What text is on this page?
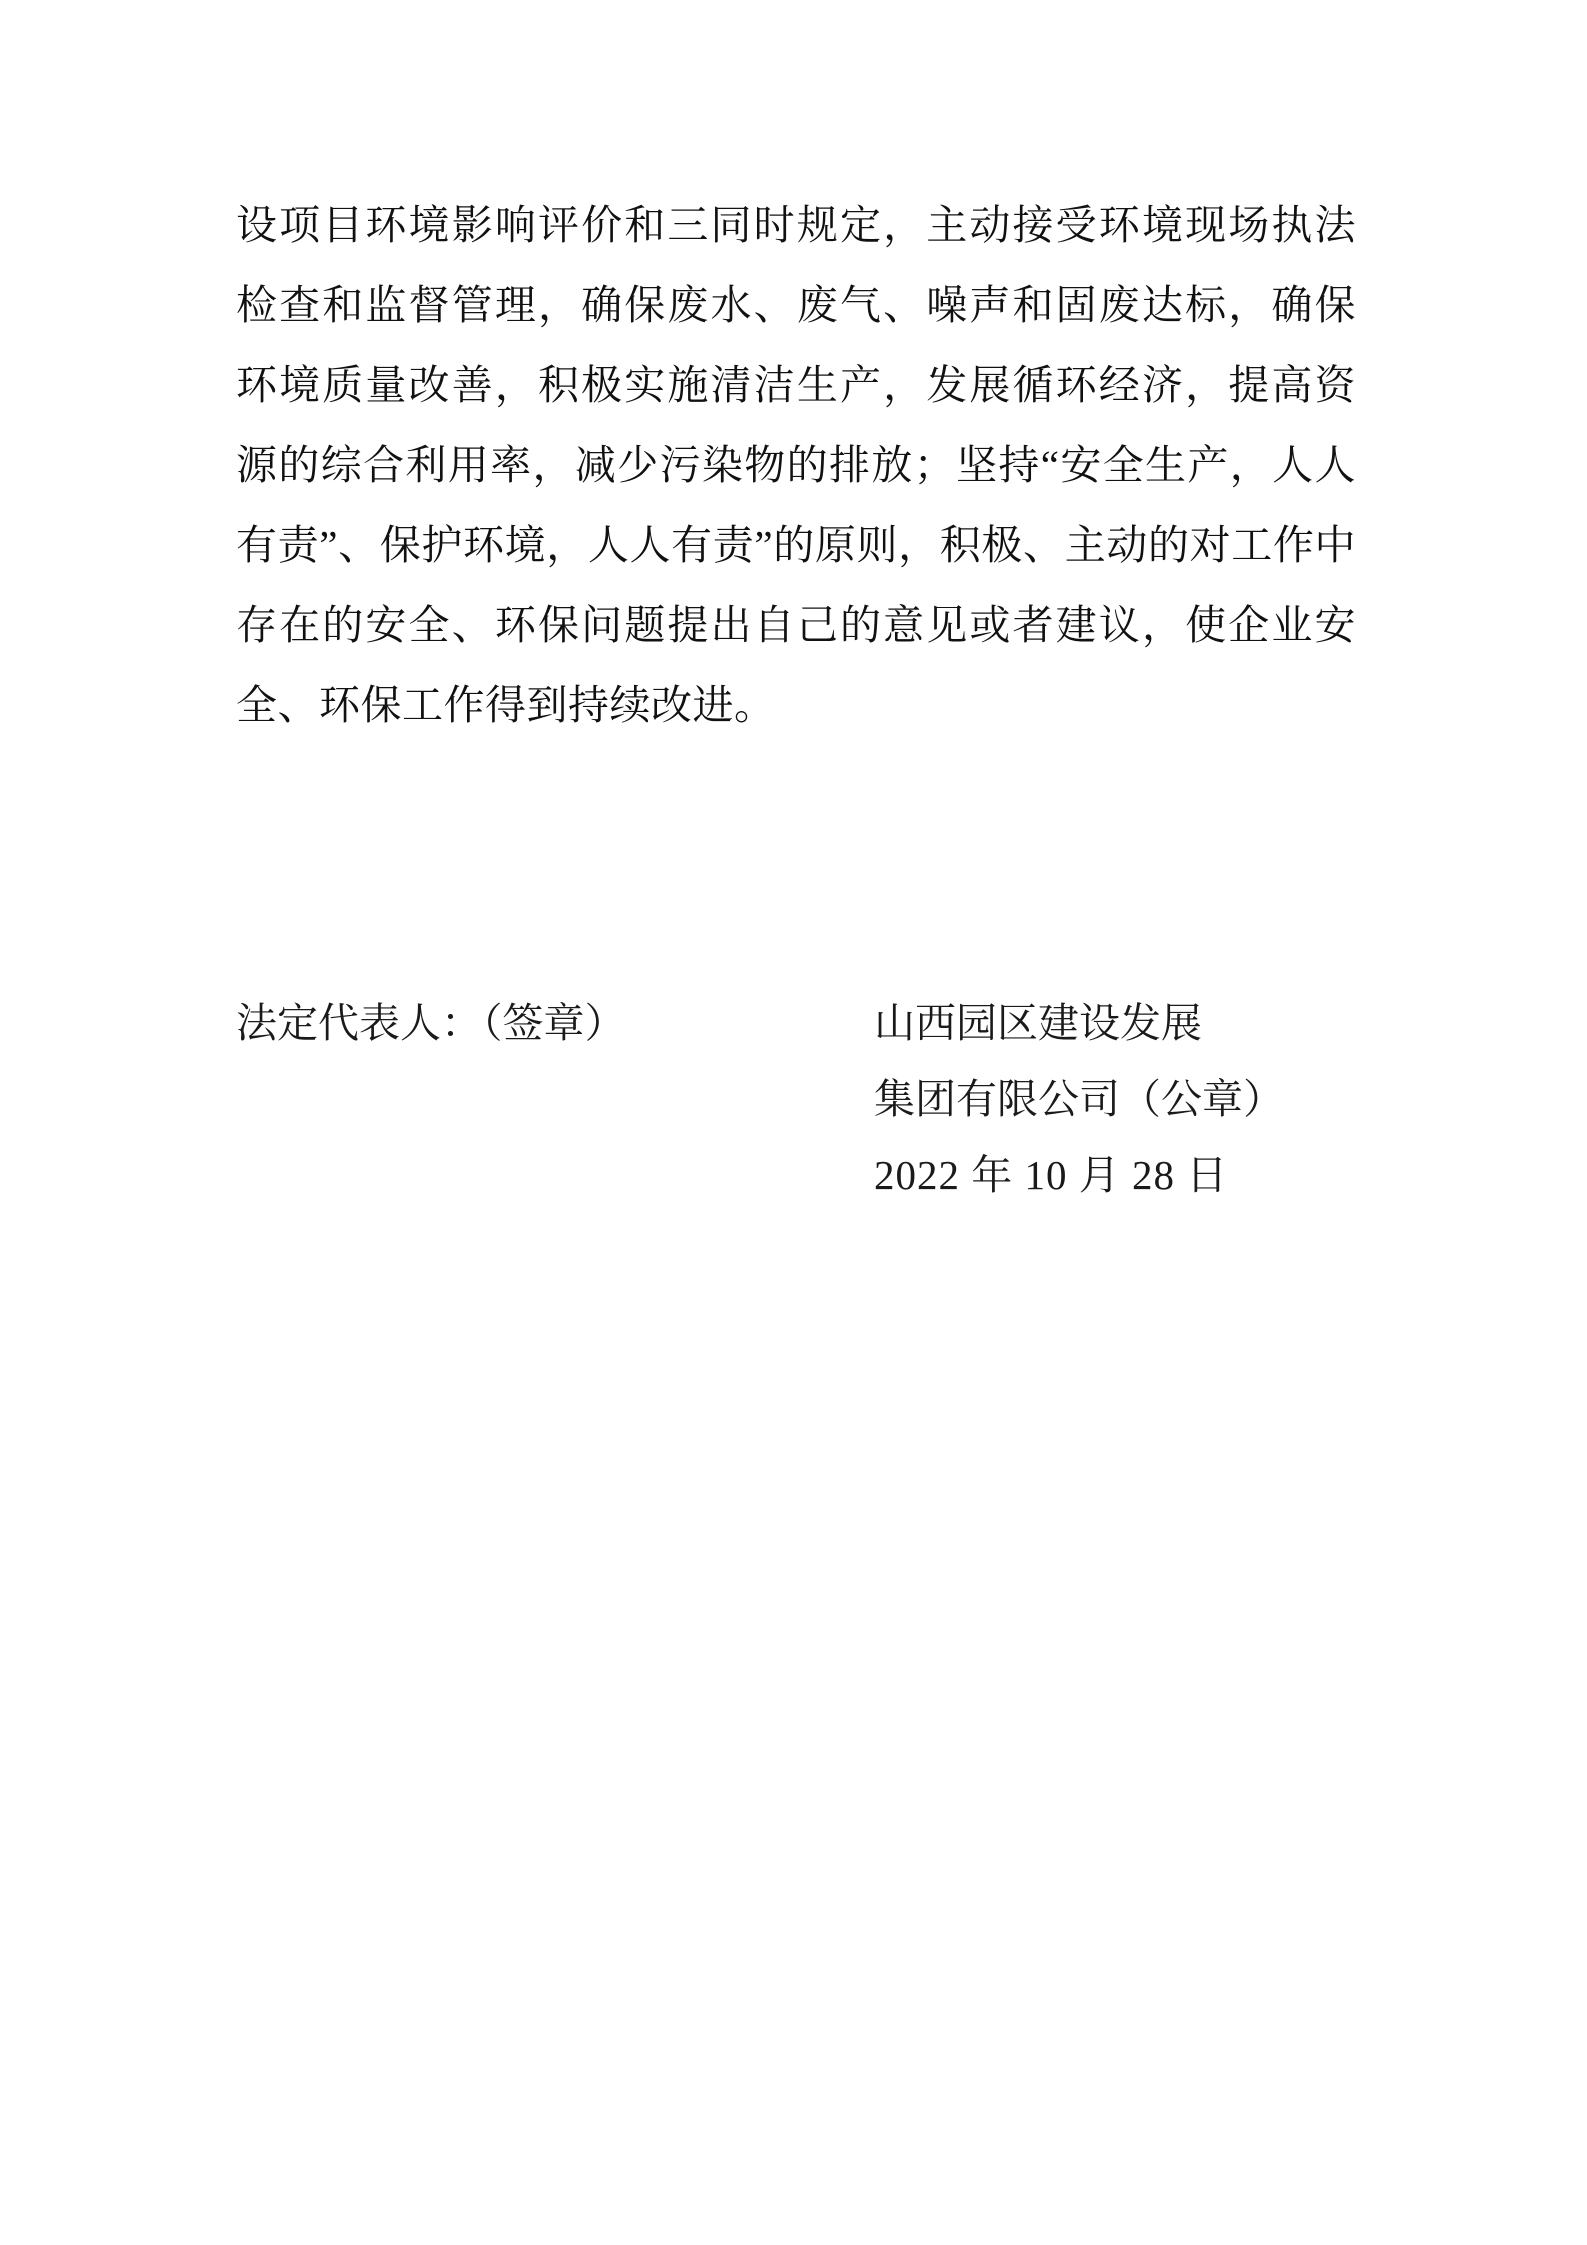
设项目环境影响评价和三同时规定，主动接受环境现场执法检查和监督管理，确保废水、废气、噪声和固废达标，确保环境质量改善，积极实施清洁生产，发展循环经济，提高资源的综合利用率，减少污染物的排放；坚持“安全生产，人人有责”、保护环境，人人有责”的原则，积极、主动的对工作中存在的安全、环保问题提出自己的意见或者建议，使企业安全、环保工作得到持续改进。

法定代表人：（签章）	山西园区建设发展
集团有限公司（公章）
2022 年 10 月 28 日
